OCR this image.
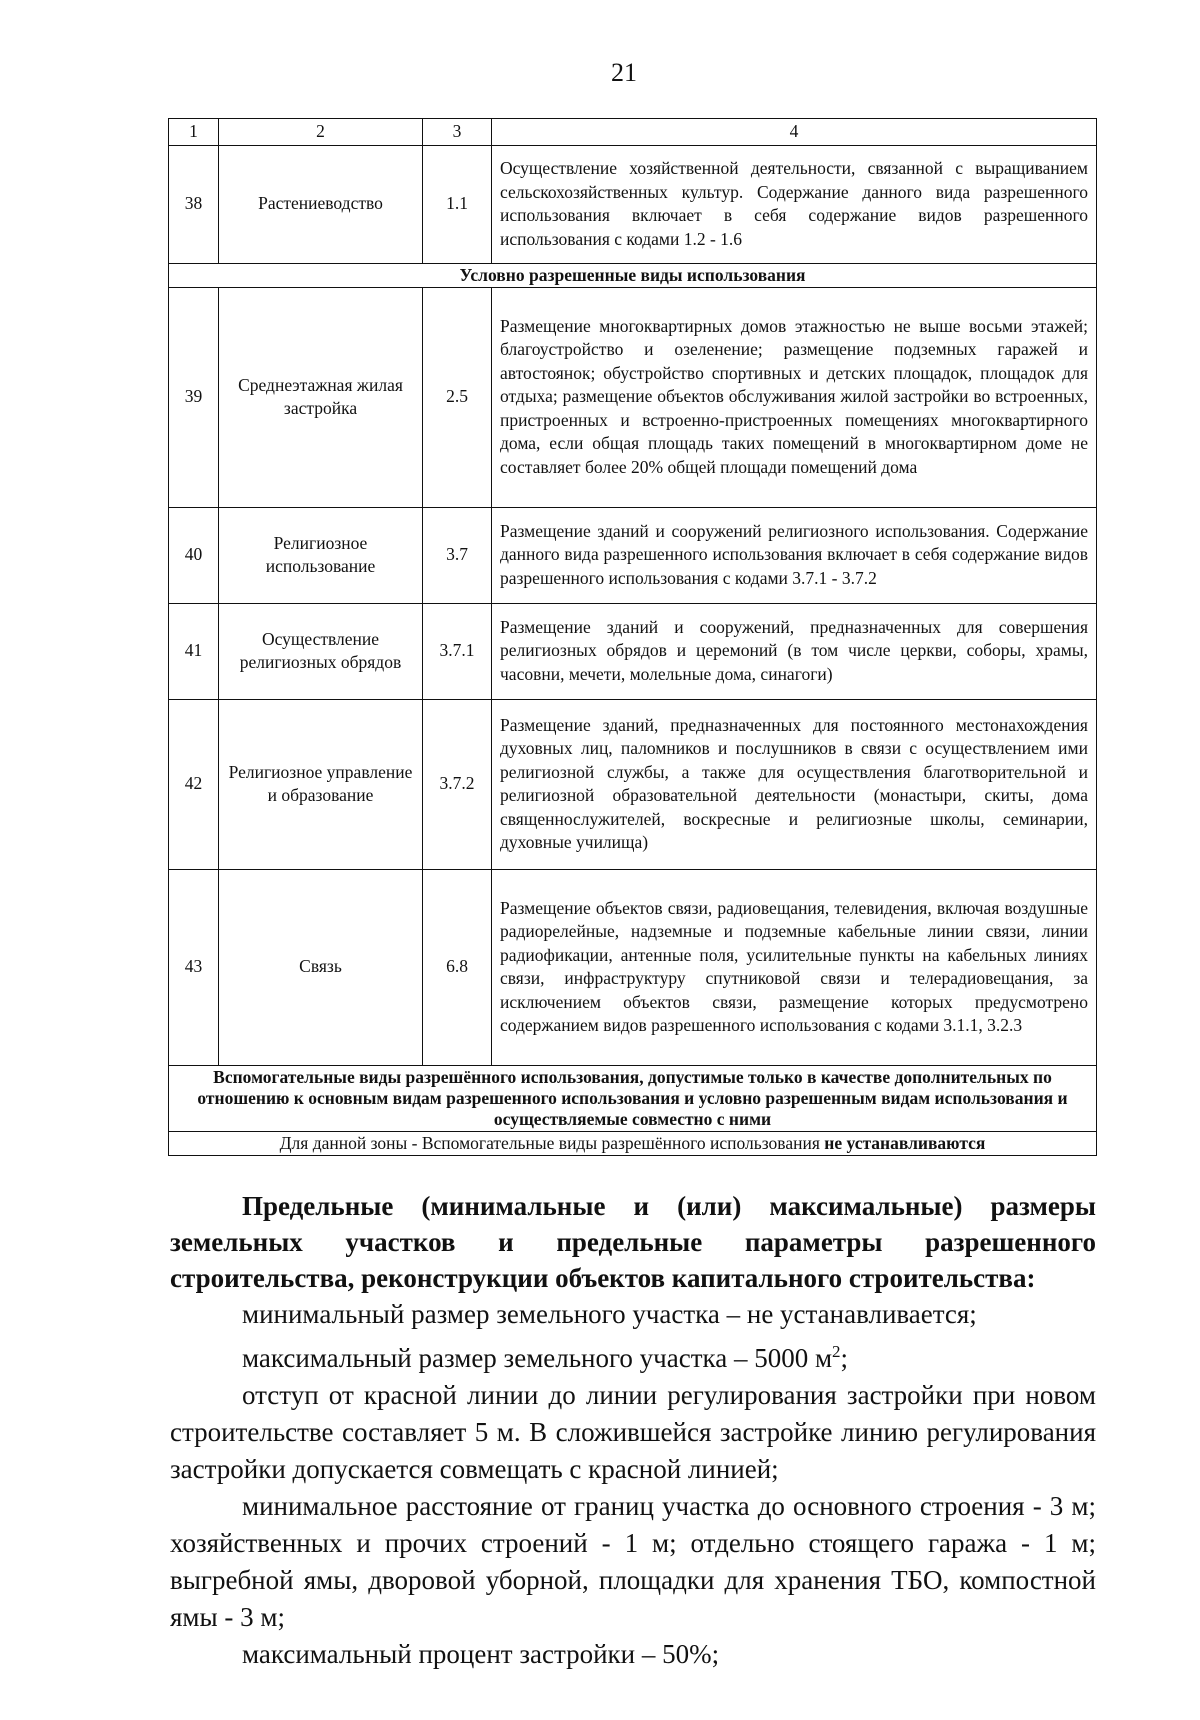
21
1	2	3	4
38	Растениеводство	1.1	Осуществление хозяйственной деятельности, связанной с выращиванием сельскохозяйственных культур. Содержание данного вида разрешенного использования включает в себя содержание видов разрешенного использования с кодами 1.2 - 1.6
Условно разрешенные виды использования			
39	Среднеэтажная жилая застройка	2.5	Размещение многоквартирных домов этажностью не выше восьми этажей; благоустройство и озеленение; размещение подземных гаражей и автостоянок; обустройство спортивных и детских площадок, площадок для отдыха; размещение объектов обслуживания жилой застройки во встроенных, пристроенных и встроенно-пристроенных помещениях многоквартирного дома, если общая площадь таких помещений в многоквартирном доме не составляет более 20% общей площади помещений дома
40	Религиозное использование	3.7	Размещение зданий и сооружений религиозного использования. Содержание данного вида разрешенного использования включает в себя содержание видов разрешенного использования с кодами 3.7.1 - 3.7.2
41	Осуществление религиозных обрядов	3.7.1	Размещение зданий и сооружений, предназначенных для совершения религиозных обрядов и церемоний (в том числе церкви, соборы, храмы, часовни, мечети, молельные дома, синагоги)
42	Религиозное управление и образование	3.7.2	Размещение зданий, предназначенных для постоянного местонахождения духовных лиц, паломников и послушников в связи с осуществлением ими религиозной службы, а также для осуществления благотворительной и религиозной образовательной деятельности (монастыри, скиты, дома священнослужителей, воскресные и религиозные школы, семинарии, духовные училища)
43	Связь	6.8	Размещение объектов связи, радиовещания, телевидения, включая воздушные радиорелейные, надземные и подземные кабельные линии связи, линии радиофикации, антенные поля, усилительные пункты на кабельных линиях связи, инфраструктуру спутниковой связи и телерадиовещания, за исключением объектов связи, размещение которых предусмотрено содержанием видов разрешенного использования с кодами 3.1.1, 3.2.3
Вспомогательные виды разрешённого использования, допустимые только в качестве дополнительных по отношению к основным видам разрешенного использования и условно разрешенным видам использования и осуществляемые совместно с ними			
Для данной зоны - Вспомогательные виды разрешённого использования не устанавливаются			
Предельные (минимальные и (или) максимальные) размеры земельных участков и предельные параметры разрешенного строительства, реконструкции объектов капитального строительства:

минимальный размер земельного участка – не устанавливается;

максимальный размер земельного участка – 5000 $м^2$;

отступ от красной линии до линии регулирования застройки при новом строительстве составляет 5 м. В сложившейся застройке линию регулирования застройки допускается совмещать с красной линией;

минимальное расстояние от границ участка до основного строения - 3 м; хозяйственных и прочих строений - 1 м; отдельно стоящего гаража - 1 м; выгребной ямы, дворовой уборной, площадки для хранения ТБО, компостной ямы - 3 м;

максимальный процент застройки – 50%;
